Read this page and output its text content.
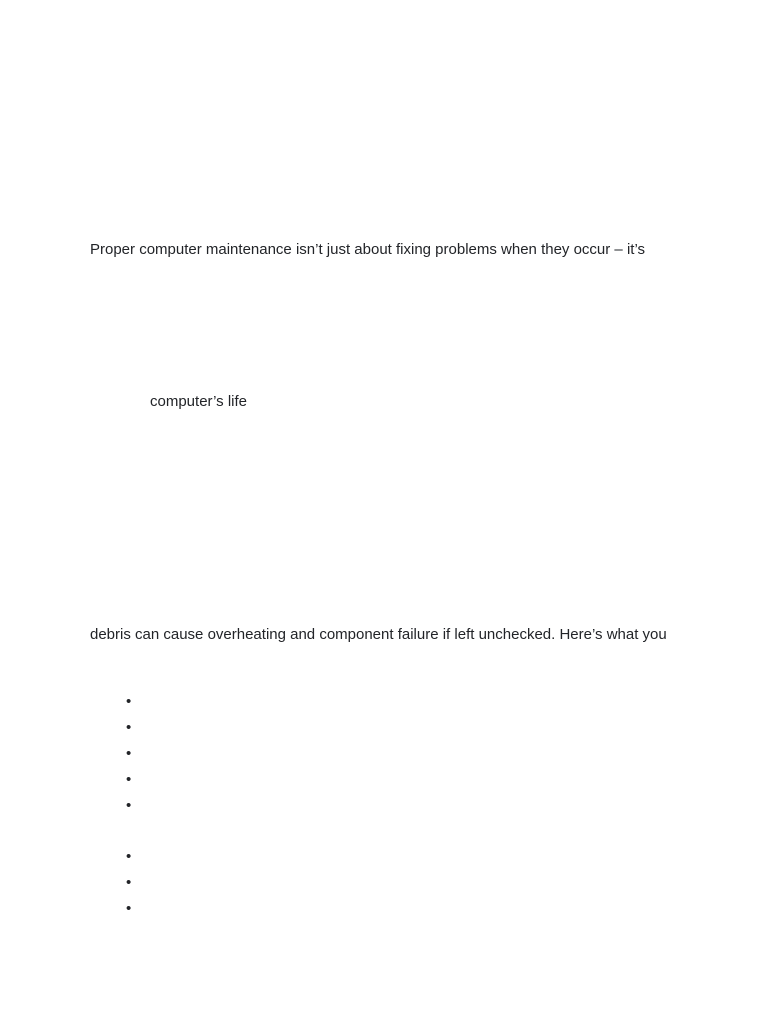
Proper computer maintenance isn’t just about fixing problems when they occur – it’s

computer’s life

debris can cause overheating and component failure if left unchecked. Here’s what you

•
•
•
•
•
•
•
•
